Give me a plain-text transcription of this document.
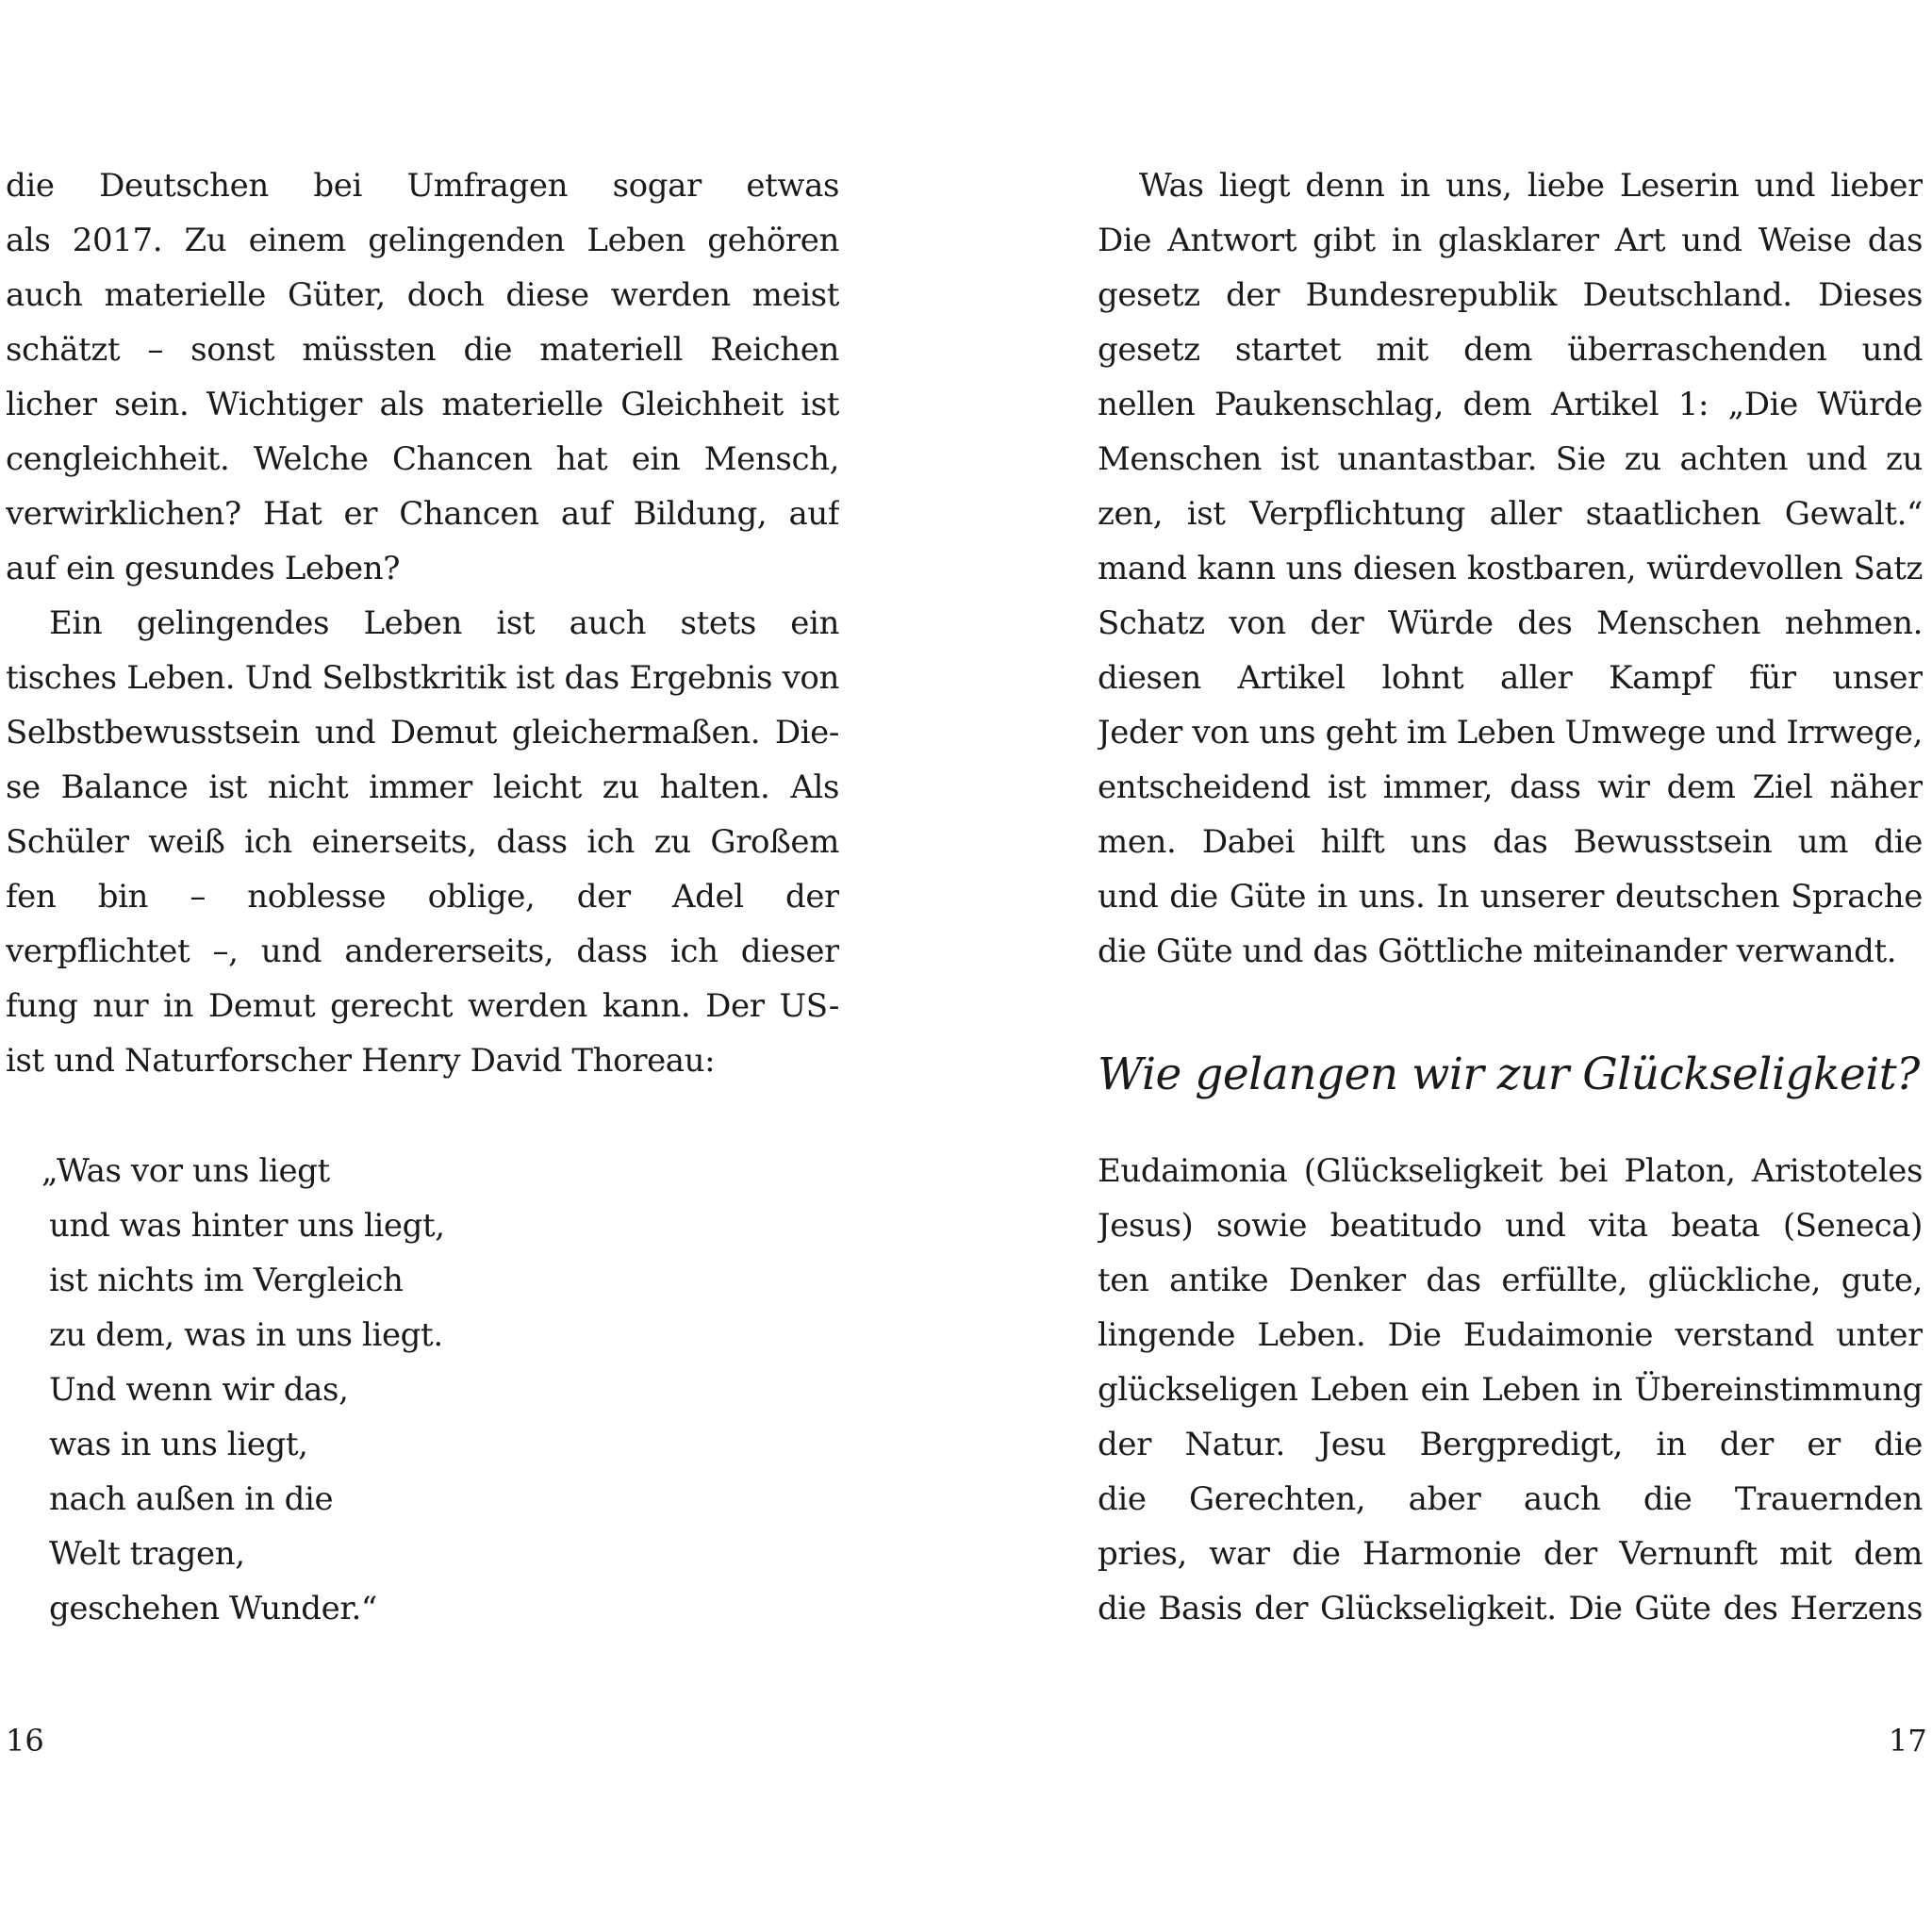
die Deutschen bei Umfragen sogar etwas
als 2017. Zu einem gelingenden Leben gehören
auch materielle Güter, doch diese werden meist
schätzt – sonst müssten die materiell Reichen
licher sein. Wichtiger als materielle Gleichheit ist
cengleichheit. Welche Chancen hat ein Mensch,
verwirklichen? Hat er Chancen auf Bildung, auf
auf ein gesundes Leben?
Ein gelingendes Leben ist auch stets ein
tisches Leben. Und Selbstkritik ist das Ergebnis von
Selbstbewusstsein und Demut gleichermaßen. Die-
se Balance ist nicht immer leicht zu halten. Als
Schüler weiß ich einerseits, dass ich zu Großem
fen bin – noblesse oblige, der Adel der
verpflichtet –, und andererseits, dass ich dieser
fung nur in Demut gerecht werden kann. Der US-
ist und Naturforscher Henry David Thoreau:
„Was vor uns liegt
und was hinter uns liegt,
ist nichts im Vergleich
zu dem, was in uns liegt.
Und wenn wir das,
was in uns liegt,
nach außen in die
Welt tragen,
geschehen Wunder.“
16
Was liegt denn in uns, liebe Leserin und lieber
Die Antwort gibt in glasklarer Art und Weise das
gesetz der Bundesrepublik Deutschland. Dieses
gesetz startet mit dem überraschenden und
nellen Paukenschlag, dem Artikel 1: „Die Würde
Menschen ist unantastbar. Sie zu achten und zu
zen, ist Verpflichtung aller staatlichen Gewalt.“
mand kann uns diesen kostbaren, würdevollen Satz
Schatz von der Würde des Menschen nehmen.
diesen Artikel lohnt aller Kampf für unser
Jeder von uns geht im Leben Umwege und Irrwege,
entscheidend ist immer, dass wir dem Ziel näher
men. Dabei hilft uns das Bewusstsein um die
und die Güte in uns. In unserer deutschen Sprache
die Güte und das Göttliche miteinander verwandt.
Wie gelangen wir zur Glückseligkeit?
Eudaimonia (Glückseligkeit bei Platon, Aristoteles
Jesus) sowie beatitudo und vita beata (Seneca)
ten antike Denker das erfüllte, glückliche, gute,
lingende Leben. Die Eudaimonie verstand unter
glückseligen Leben ein Leben in Übereinstimmung
der Natur. Jesu Bergpredigt, in der er die
die Gerechten, aber auch die Trauernden
pries, war die Harmonie der Vernunft mit dem
die Basis der Glückseligkeit. Die Güte des Herzens
17
